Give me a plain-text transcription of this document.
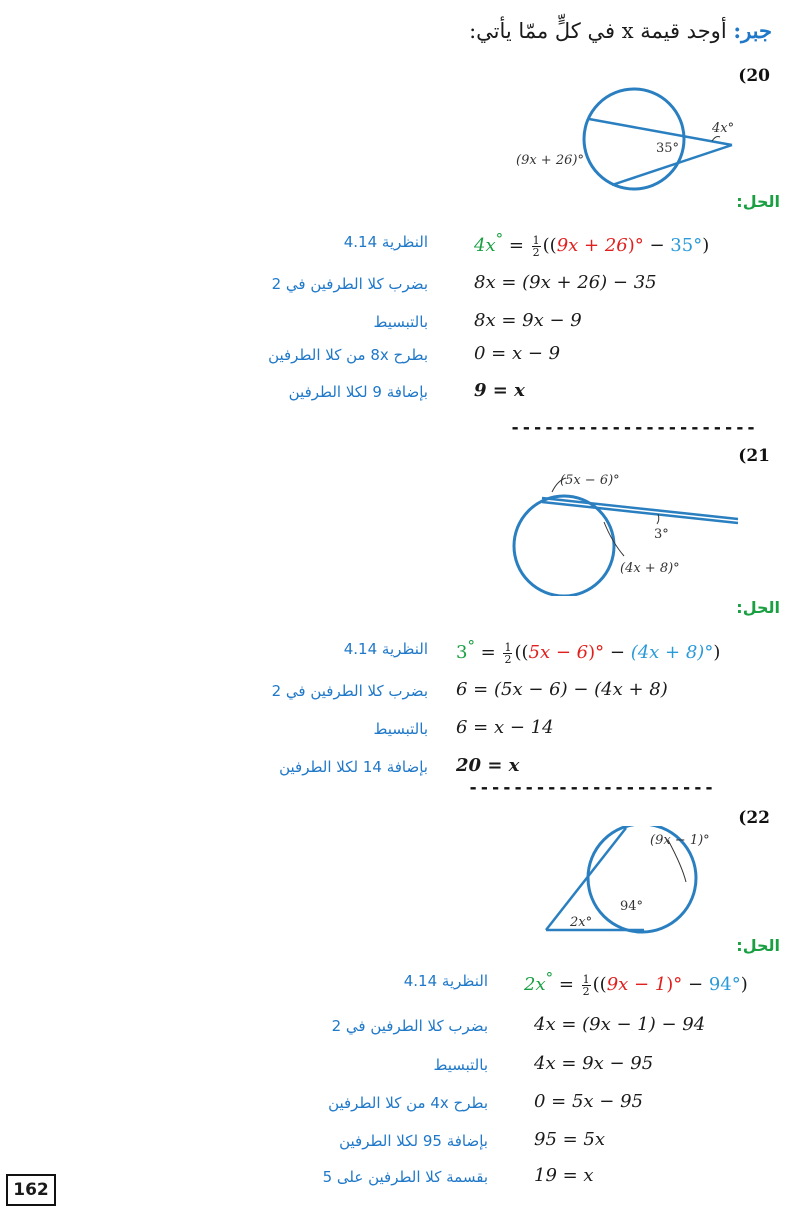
جبر: أوجد قيمة x في كلٍّ ممّا يأتي:
(20
(9x + 26)°
35°
4x°
الحل:
النظرية 4.14	$4x^\circ = \frac{1}{2} ((9x + 26)^\circ - 35^\circ)$
بضرب كلا الطرفين في 2	8x = (9x + 26) − 35
بالتبسيط	8x = 9x − 9
بطرح 8x من كلا الطرفين	0 = x − 9
بإضافة 9 لكلا الطرفين	9 = x
----------------------
(21
(5x − 6)°
(4x + 8)°
3°
الحل:
النظرية 4.14 $3^\circ = \frac{1}{2} ((5x - 6)^\circ - (4x + 8)^\circ)$
بضرب كلا الطرفين في 2 6 = (5x − 6) − (4x + 8)
بالتبسيط 6 = x − 14
بإضافة 14 لكلا الطرفين 20 = x
----------------------
(22
(9x − 1)°
94°
2x°
الحل:
النظرية 4.14 $2x^\circ = \frac{1}{2} ((9x - 1)^\circ - 94^\circ)$
بضرب كلا الطرفين في 2	4x = (9x − 1) − 94
بالتبسيط	4x = 9x − 95
بطرح 4x من كلا الطرفين	0 = 5x − 95
بإضافة 95 لكلا الطرفين	95 = 5x
بقسمة كلا الطرفين على 5	19 = x
162
